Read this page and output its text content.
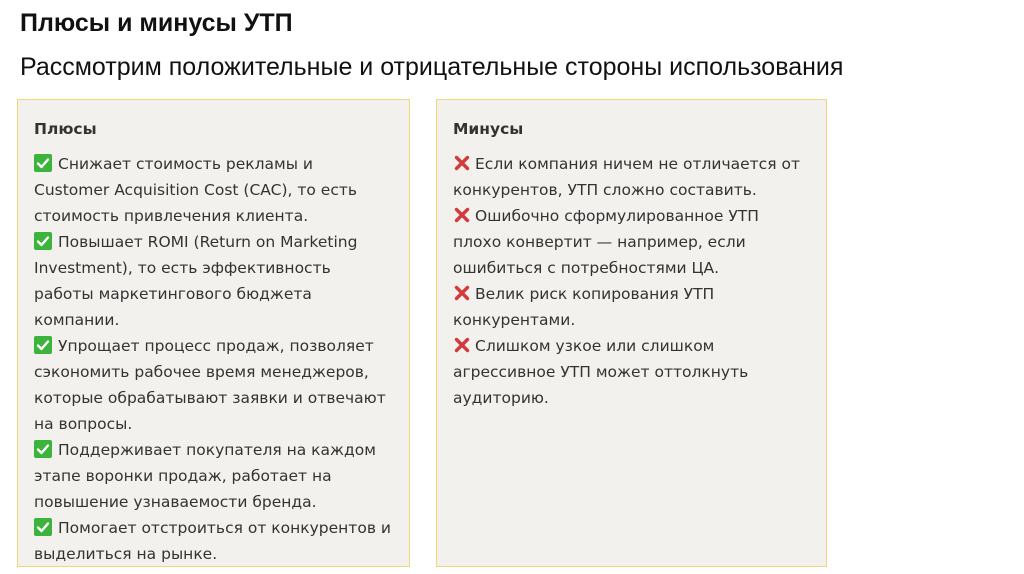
Плюсы и минусы УТП
Рассмотрим положительные и отрицательные стороны использования
Плюсы
Снижает стоимость рекламы и Customer Acquisition Cost (CAC), то есть стоимость привлечения клиента.
Повышает ROMI (Return on Marketing Investment), то есть эффективность работы маркетингового бюджета компании.
Упрощает процесс продаж, позволяет сэкономить рабочее время менеджеров, которые обрабатывают заявки и отвечают на вопросы.
Поддерживает покупателя на каждом этапе воронки продаж, работает на повышение узнаваемости бренда.
Помогает отстроиться от конкурентов и выделиться на рынке.
Минусы
Если компания ничем не отличается от конкурентов, УТП сложно составить.
Ошибочно сформулированное УТП плохо конвертит — например, если ошибиться с потребностями ЦА.
Велик риск копирования УТП конкурентами.
Слишком узкое или слишком агрессивное УТП может оттолкнуть аудиторию.
